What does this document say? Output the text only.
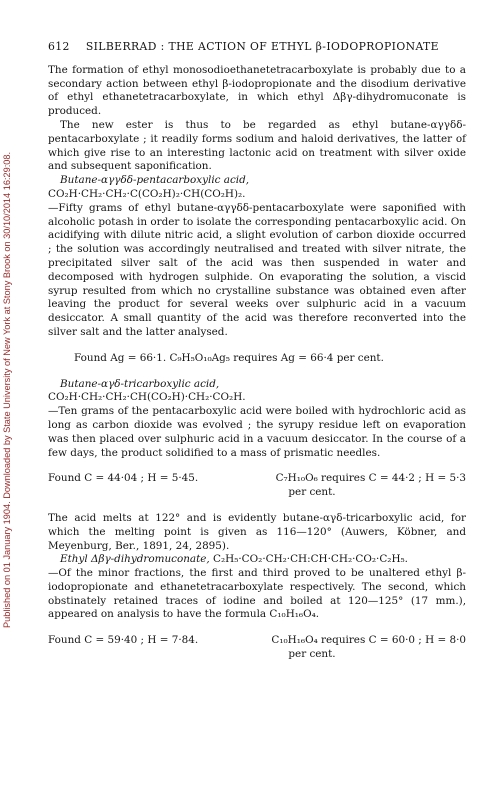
Published on 01 January 1904. Downloaded by State University of New York at Stony Brook on 30/10/2014 16:29:08.
612 SILBERRAD : THE ACTION OF ETHYL β-IODOPROPIONATE

The formation of ethyl monosodioethanetetracarboxylate is probably due to a secondary action between ethyl β-iodopropionate and the disodium derivative of ethyl ethanetetracarboxylate, in which ethyl Δβγ-dihydromuconate is produced.

The new ester is thus to be regarded as ethyl butane-αγγδδ-pentacarboxylate ; it readily forms sodium and haloid derivatives, the latter of which give rise to an interesting lactonic acid on treatment with silver oxide and subsequent saponification.

Butane-αγγδδ-pentacarboxylic acid,

CO₂H·CH₂·CH₂·C(CO₂H)₂·CH(CO₂H)₂.

—Fifty grams of ethyl butane-αγγδδ-pentacarboxylate were saponified with alcoholic potash in order to isolate the corresponding pentacarboxylic acid. On acidifying with dilute nitric acid, a slight evolution of carbon dioxide occurred ; the solution was accordingly neutralised and treated with silver nitrate, the precipitated silver salt of the acid was then suspended in water and decomposed with hydrogen sulphide. On evaporating the solution, a viscid syrup resulted from which no crystalline substance was obtained even after leaving the product for several weeks over sulphuric acid in a vacuum desiccator. A small quantity of the acid was therefore reconverted into the silver salt and the latter analysed.

Found Ag = 66·1. C₉H₅O₁₀Ag₅ requires Ag = 66·4 per cent.

Butane-αγδ-tricarboxylic acid,

CO₂H·CH₂·CH₂·CH(CO₂H)·CH₂·CO₂H.

—Ten grams of the pentacarboxylic acid were boiled with hydrochloric acid as long as carbon dioxide was evolved ; the syrupy residue left on evaporation was then placed over sulphuric acid in a vacuum desiccator. In the course of a few days, the product solidified to a mass of prismatic needles.

Found C = 44·04 ; H = 5·45.	C₇H₁₀O₆ requires C = 44·2 ; H = 5·3
per cent.

The acid melts at 122° and is evidently butane-αγδ-tricarboxylic acid, for which the melting point is given as 116—120° (Auwers, Köbner, and Meyenburg, Ber., 1891, 24, 2895).

Ethyl Δβγ-dihydromuconate, C₂H₅·CO₂·CH₂·CH:CH·CH₂·CO₂·C₂H₅.

—Of the minor fractions, the first and third proved to be unaltered ethyl β-iodopropionate and ethanetetracarboxylate respectively. The second, which obstinately retained traces of iodine and boiled at 120—125° (17 mm.), appeared on analysis to have the formula C₁₀H₁₆O₄.

Found C = 59·40 ; H = 7·84.	C₁₀H₁₆O₄ requires C = 60·0 ; H = 8·0
per cent.
